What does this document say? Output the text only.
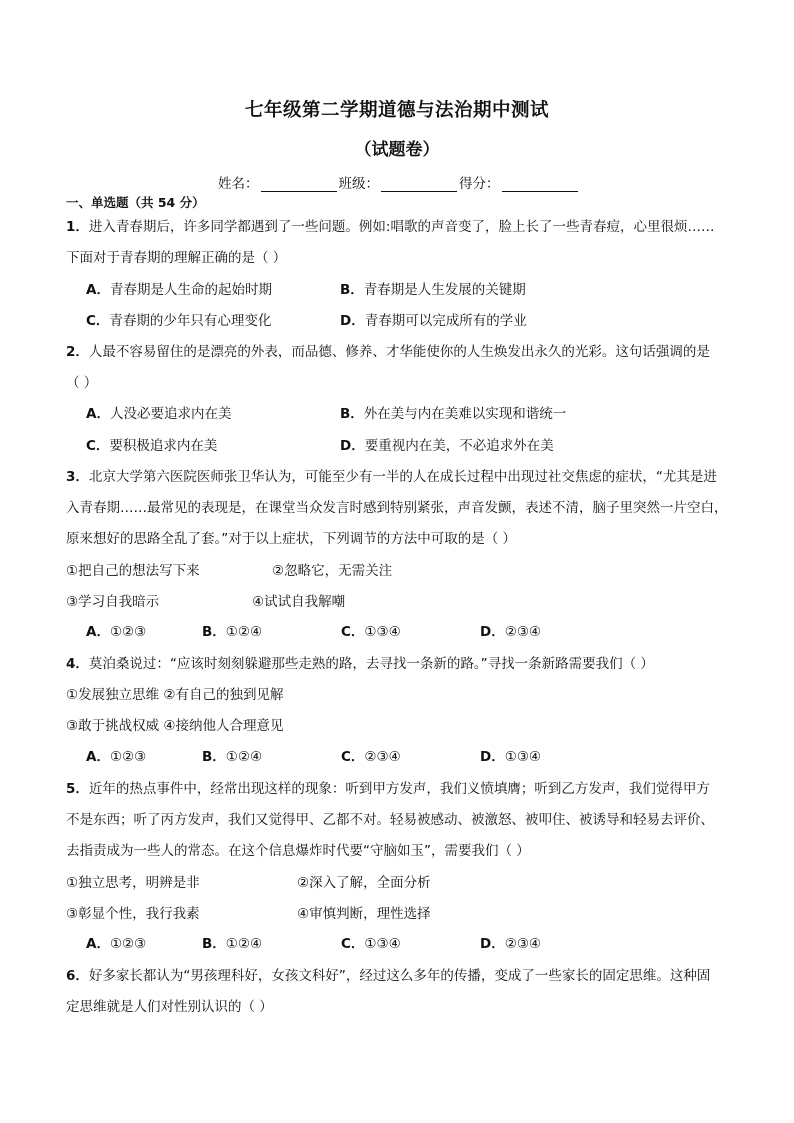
七年级第二学期道德与法治期中测试
（试题卷）
姓名：	班级：	得分：
一、单选题（共 54 分）
1．进入青春期后，许多同学都遇到了一些问题。例如:唱歌的声音变了，脸上长了一些青春痘，心里很烦……
下面对于青春期的理解正确的是（ ）
A．青春期是人生命的起始时期	B．青春期是人生发展的关键期
C．青春期的少年只有心理变化	D．青春期可以完成所有的学业
2．人最不容易留住的是漂亮的外表，而品德、修养、才华能使你的人生焕发出永久的光彩。这句话强调的是
（ ）
A．人没必要追求内在美	B．外在美与内在美难以实现和谐统一
C．要积极追求内在美	D．要重视内在美，不必追求外在美
3．北京大学第六医院医师张卫华认为，可能至少有一半的人在成长过程中出现过社交焦虑的症状，“尤其是进
入青春期……最常见的表现是，在课堂当众发言时感到特别紧张，声音发颤，表述不清，脑子里突然一片空白，
原来想好的思路全乱了套。”对于以上症状，下列调节的方法中可取的是（ ）
①把自己的想法写下来	②忽略它，无需关注
③学习自我暗示	④试试自我解嘲
A．①②③	B．①②④	C．①③④	D．②③④
4．莫泊桑说过：“应该时刻刻躲避那些走熟的路，去寻找一条新的路。”寻找一条新路需要我们（ ）
①发展独立思维 ②有自己的独到见解
③敢于挑战权威 ④接纳他人合理意见
A．①②③	B．①②④	C．②③④	D．①③④
5．近年的热点事件中，经常出现这样的现象：听到甲方发声，我们义愤填膺；听到乙方发声，我们觉得甲方
不是东西；听了丙方发声，我们又觉得甲、乙都不对。轻易被感动、被激怒、被叩住、被诱导和轻易去评价、
去指责成为一些人的常态。在这个信息爆炸时代要“守脑如玉”，需要我们（ ）
①独立思考，明辨是非	②深入了解，全面分析
③彰显个性，我行我素	④审慎判断，理性选择
A．①②③	B．①②④	C．①③④	D．②③④
6．好多家长都认为“男孩理科好，女孩文科好”，经过这么多年的传播，变成了一些家长的固定思维。这种固
定思维就是人们对性别认识的（ ）
